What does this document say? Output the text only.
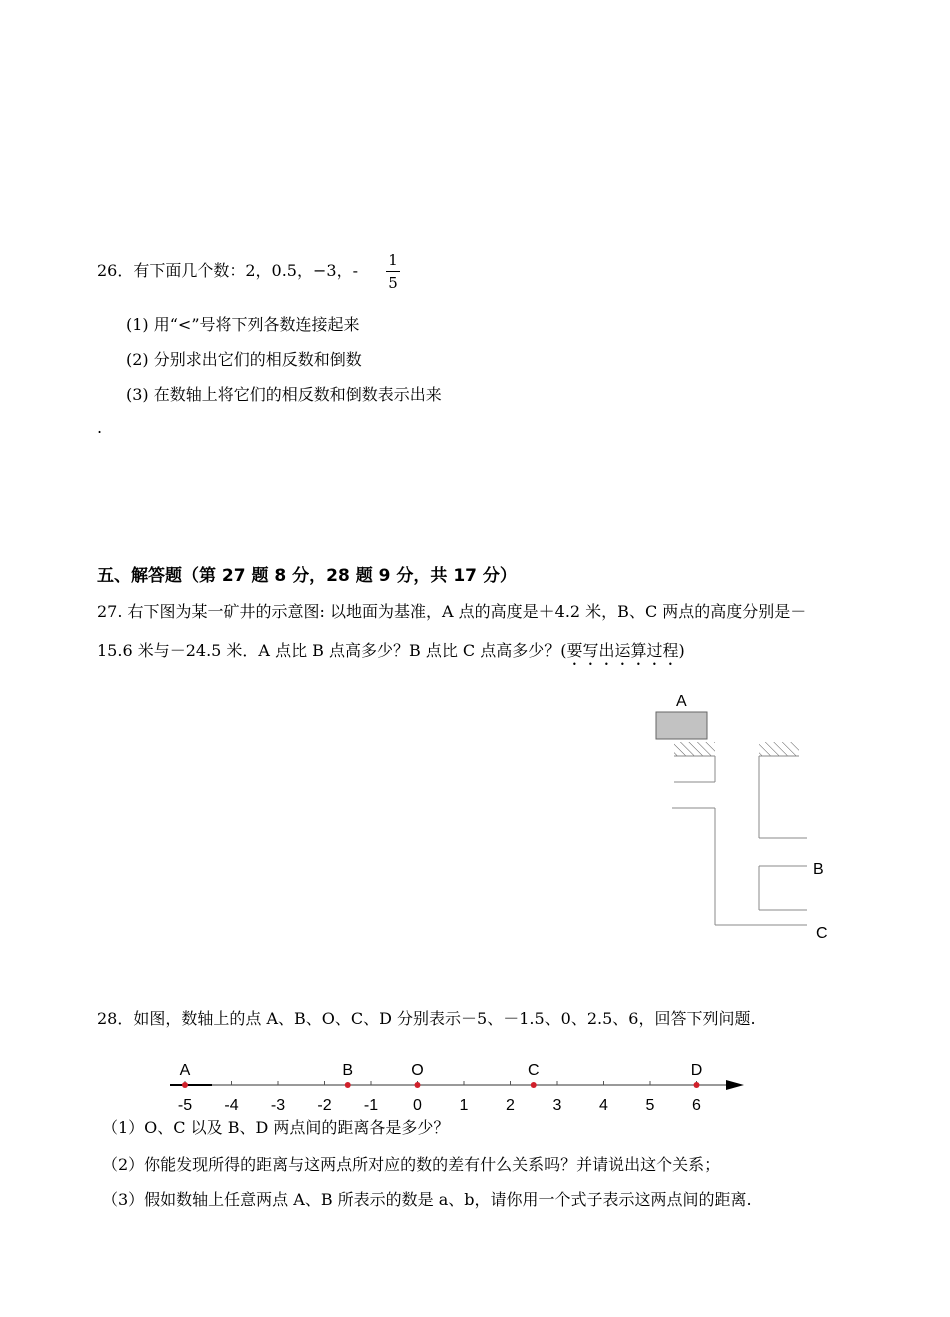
26．有下面几个数：2，0.5，−3，-
1
5
(1) 用“<”号将下列各数连接起来
(2) 分别求出它们的相反数和倒数
(3) 在数轴上将它们的相反数和倒数表示出来
.
五、解答题（第 27 题 8 分，28 题 9 分，共 17 分）
27. 右下图为某一矿井的示意图: 以地面为基准，A 点的高度是＋4.2 米，B、C 两点的高度分别是－
15.6 米与－24.5 米．A 点比 B 点高多少？B 点比 C 点高多少？(要写出运算过程)
A
B
C
28．如图，数轴上的点 A、B、O、C、D 分别表示－5、－1.5、0、2.5、6，回答下列问题.
-5 -4 -3 -2 -1 0 1 2 3 4 5 6
A	B	O	C	D
（1）O、C 以及 B、D 两点间的距离各是多少？
（2）你能发现所得的距离与这两点所对应的数的差有什么关系吗？并请说出这个关系；
（3）假如数轴上任意两点 A、B 所表示的数是 a、b，请你用一个式子表示这两点间的距离.
